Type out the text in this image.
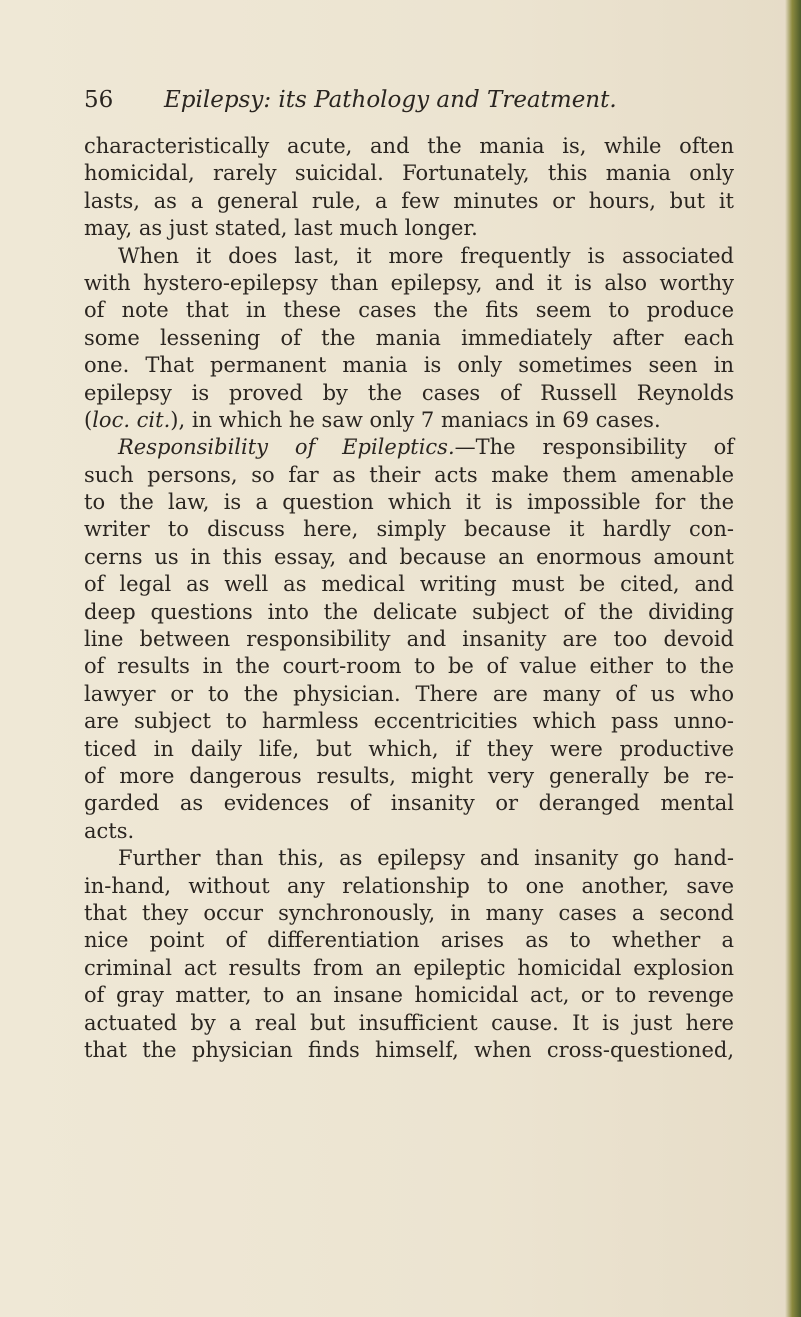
56 Epilepsy: its Pathology and Treatment.
characteristically acute, and the mania is, while often
homicidal, rarely suicidal. Fortunately, this mania only
lasts, as a general rule, a few minutes or hours, but it
may, as just stated, last much longer.
When it does last, it more frequently is associated
with hystero-epilepsy than epilepsy, and it is also worthy
of note that in these cases the fits seem to produce
some lessening of the mania immediately after each
one. That permanent mania is only sometimes seen in
epilepsy is proved by the cases of Russell Reynolds
(loc. cit.), in which he saw only 7 maniacs in 69 cases.
Responsibility of Epileptics.—The responsibility of
such persons, so far as their acts make them amenable
to the law, is a question which it is impossible for the
writer to discuss here, simply because it hardly con-
cerns us in this essay, and because an enormous amount
of legal as well as medical writing must be cited, and
deep questions into the delicate subject of the dividing
line between responsibility and insanity are too devoid
of results in the court-room to be of value either to the
lawyer or to the physician. There are many of us who
are subject to harmless eccentricities which pass unno-
ticed in daily life, but which, if they were productive
of more dangerous results, might very generally be re-
garded as evidences of insanity or deranged mental
acts.
Further than this, as epilepsy and insanity go hand-
in-hand, without any relationship to one another, save
that they occur synchronously, in many cases a second
nice point of differentiation arises as to whether a
criminal act results from an epileptic homicidal explosion
of gray matter, to an insane homicidal act, or to revenge
actuated by a real but insufficient cause. It is just here
that the physician finds himself, when cross-questioned,
